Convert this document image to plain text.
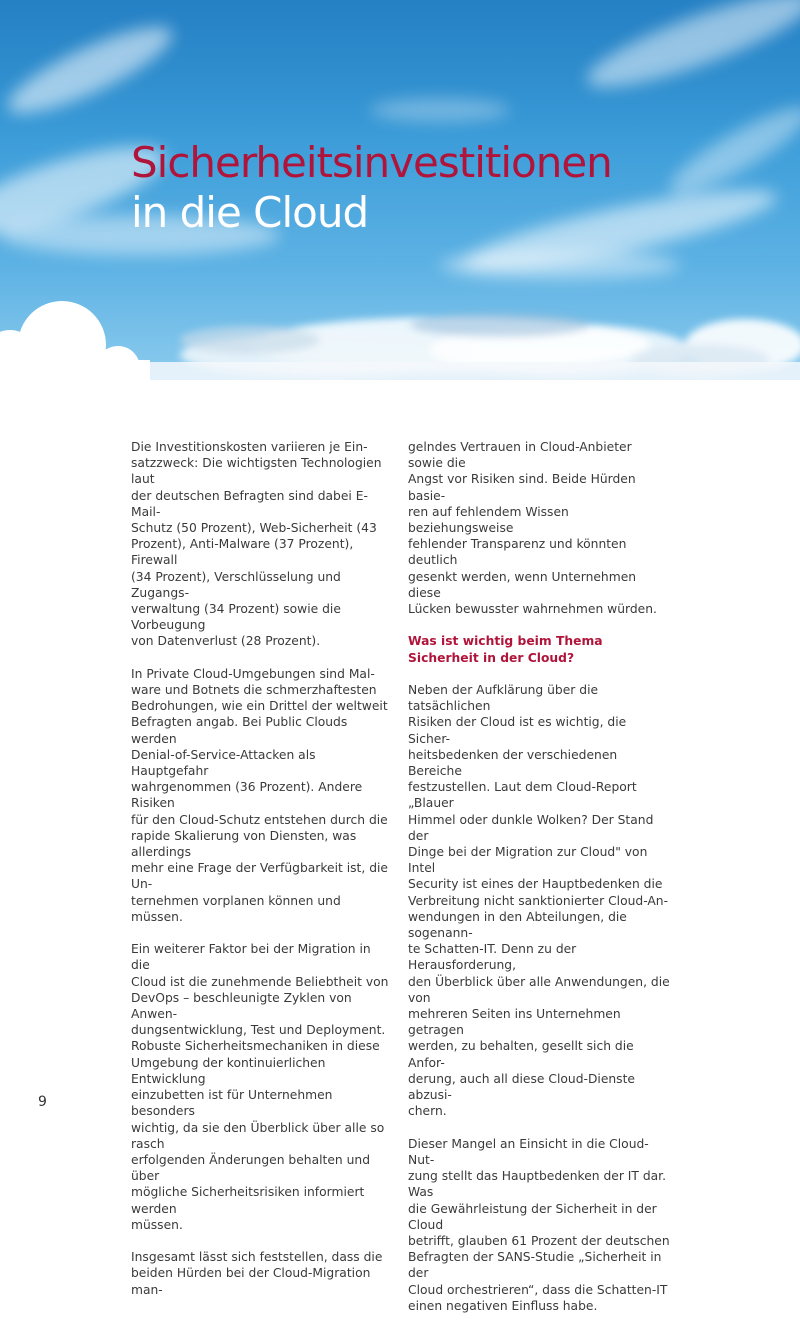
Sicherheitsinvestitionen
in die Cloud

Die Investitionskosten variieren je Ein-
satzzweck: Die wichtigsten Technologien laut
der deutschen Befragten sind dabei E-Mail-
Schutz (50 Prozent), Web-Sicherheit (43
Prozent), Anti-Malware (37 Prozent), Firewall
(34 Prozent), Verschlüsselung und Zugangs-
verwaltung (34 Prozent) sowie die Vorbeugung
von Datenverlust (28 Prozent).

In Private Cloud-Umgebungen sind Mal-
ware und Botnets die schmerzhaftesten
Bedrohungen, wie ein Drittel der weltweit
Befragten angab. Bei Public Clouds werden
Denial-of-Service-Attacken als Hauptgefahr
wahrgenommen (36 Prozent). Andere Risiken
für den Cloud-Schutz entstehen durch die
rapide Skalierung von Diensten, was allerdings
mehr eine Frage der Verfügbarkeit ist, die Un-
ternehmen vorplanen können und müssen.

Ein weiterer Faktor bei der Migration in die
Cloud ist die zunehmende Beliebtheit von
DevOps – beschleunigte Zyklen von Anwen-
dungsentwicklung, Test und Deployment.
Robuste Sicherheitsmechaniken in diese
Umgebung der kontinuierlichen Entwicklung
einzubetten ist für Unternehmen besonders
wichtig, da sie den Überblick über alle so rasch
erfolgenden Änderungen behalten und über
mögliche Sicherheitsrisiken informiert werden
müssen.

Insgesamt lässt sich feststellen, dass die
beiden Hürden bei der Cloud-Migration man-

gelndes Vertrauen in Cloud-Anbieter sowie die
Angst vor Risiken sind. Beide Hürden basie-
ren auf fehlendem Wissen beziehungsweise
fehlender Transparenz und könnten deutlich
gesenkt werden, wenn Unternehmen diese
Lücken bewusster wahrnehmen würden.

Was ist wichtig beim Thema
Sicherheit in der Cloud?

Neben der Aufklärung über die tatsächlichen
Risiken der Cloud ist es wichtig, die Sicher-
heitsbedenken der verschiedenen Bereiche
festzustellen. Laut dem Cloud-Report „Blauer
Himmel oder dunkle Wolken? Der Stand der
Dinge bei der Migration zur Cloud" von Intel
Security ist eines der Hauptbedenken die
Verbreitung nicht sanktionierter Cloud-An-
wendungen in den Abteilungen, die sogenann-
te Schatten-IT. Denn zu der Herausforderung,
den Überblick über alle Anwendungen, die von
mehreren Seiten ins Unternehmen getragen
werden, zu behalten, gesellt sich die Anfor-
derung, auch all diese Cloud-Dienste abzusi-
chern.

Dieser Mangel an Einsicht in die Cloud-Nut-
zung stellt das Hauptbedenken der IT dar. Was
die Gewährleistung der Sicherheit in der Cloud
betrifft, glauben 61 Prozent der deutschen
Befragten der SANS-Studie „Sicherheit in der
Cloud orchestrieren“, dass die Schatten-IT
einen negativen Einfluss habe.

9
